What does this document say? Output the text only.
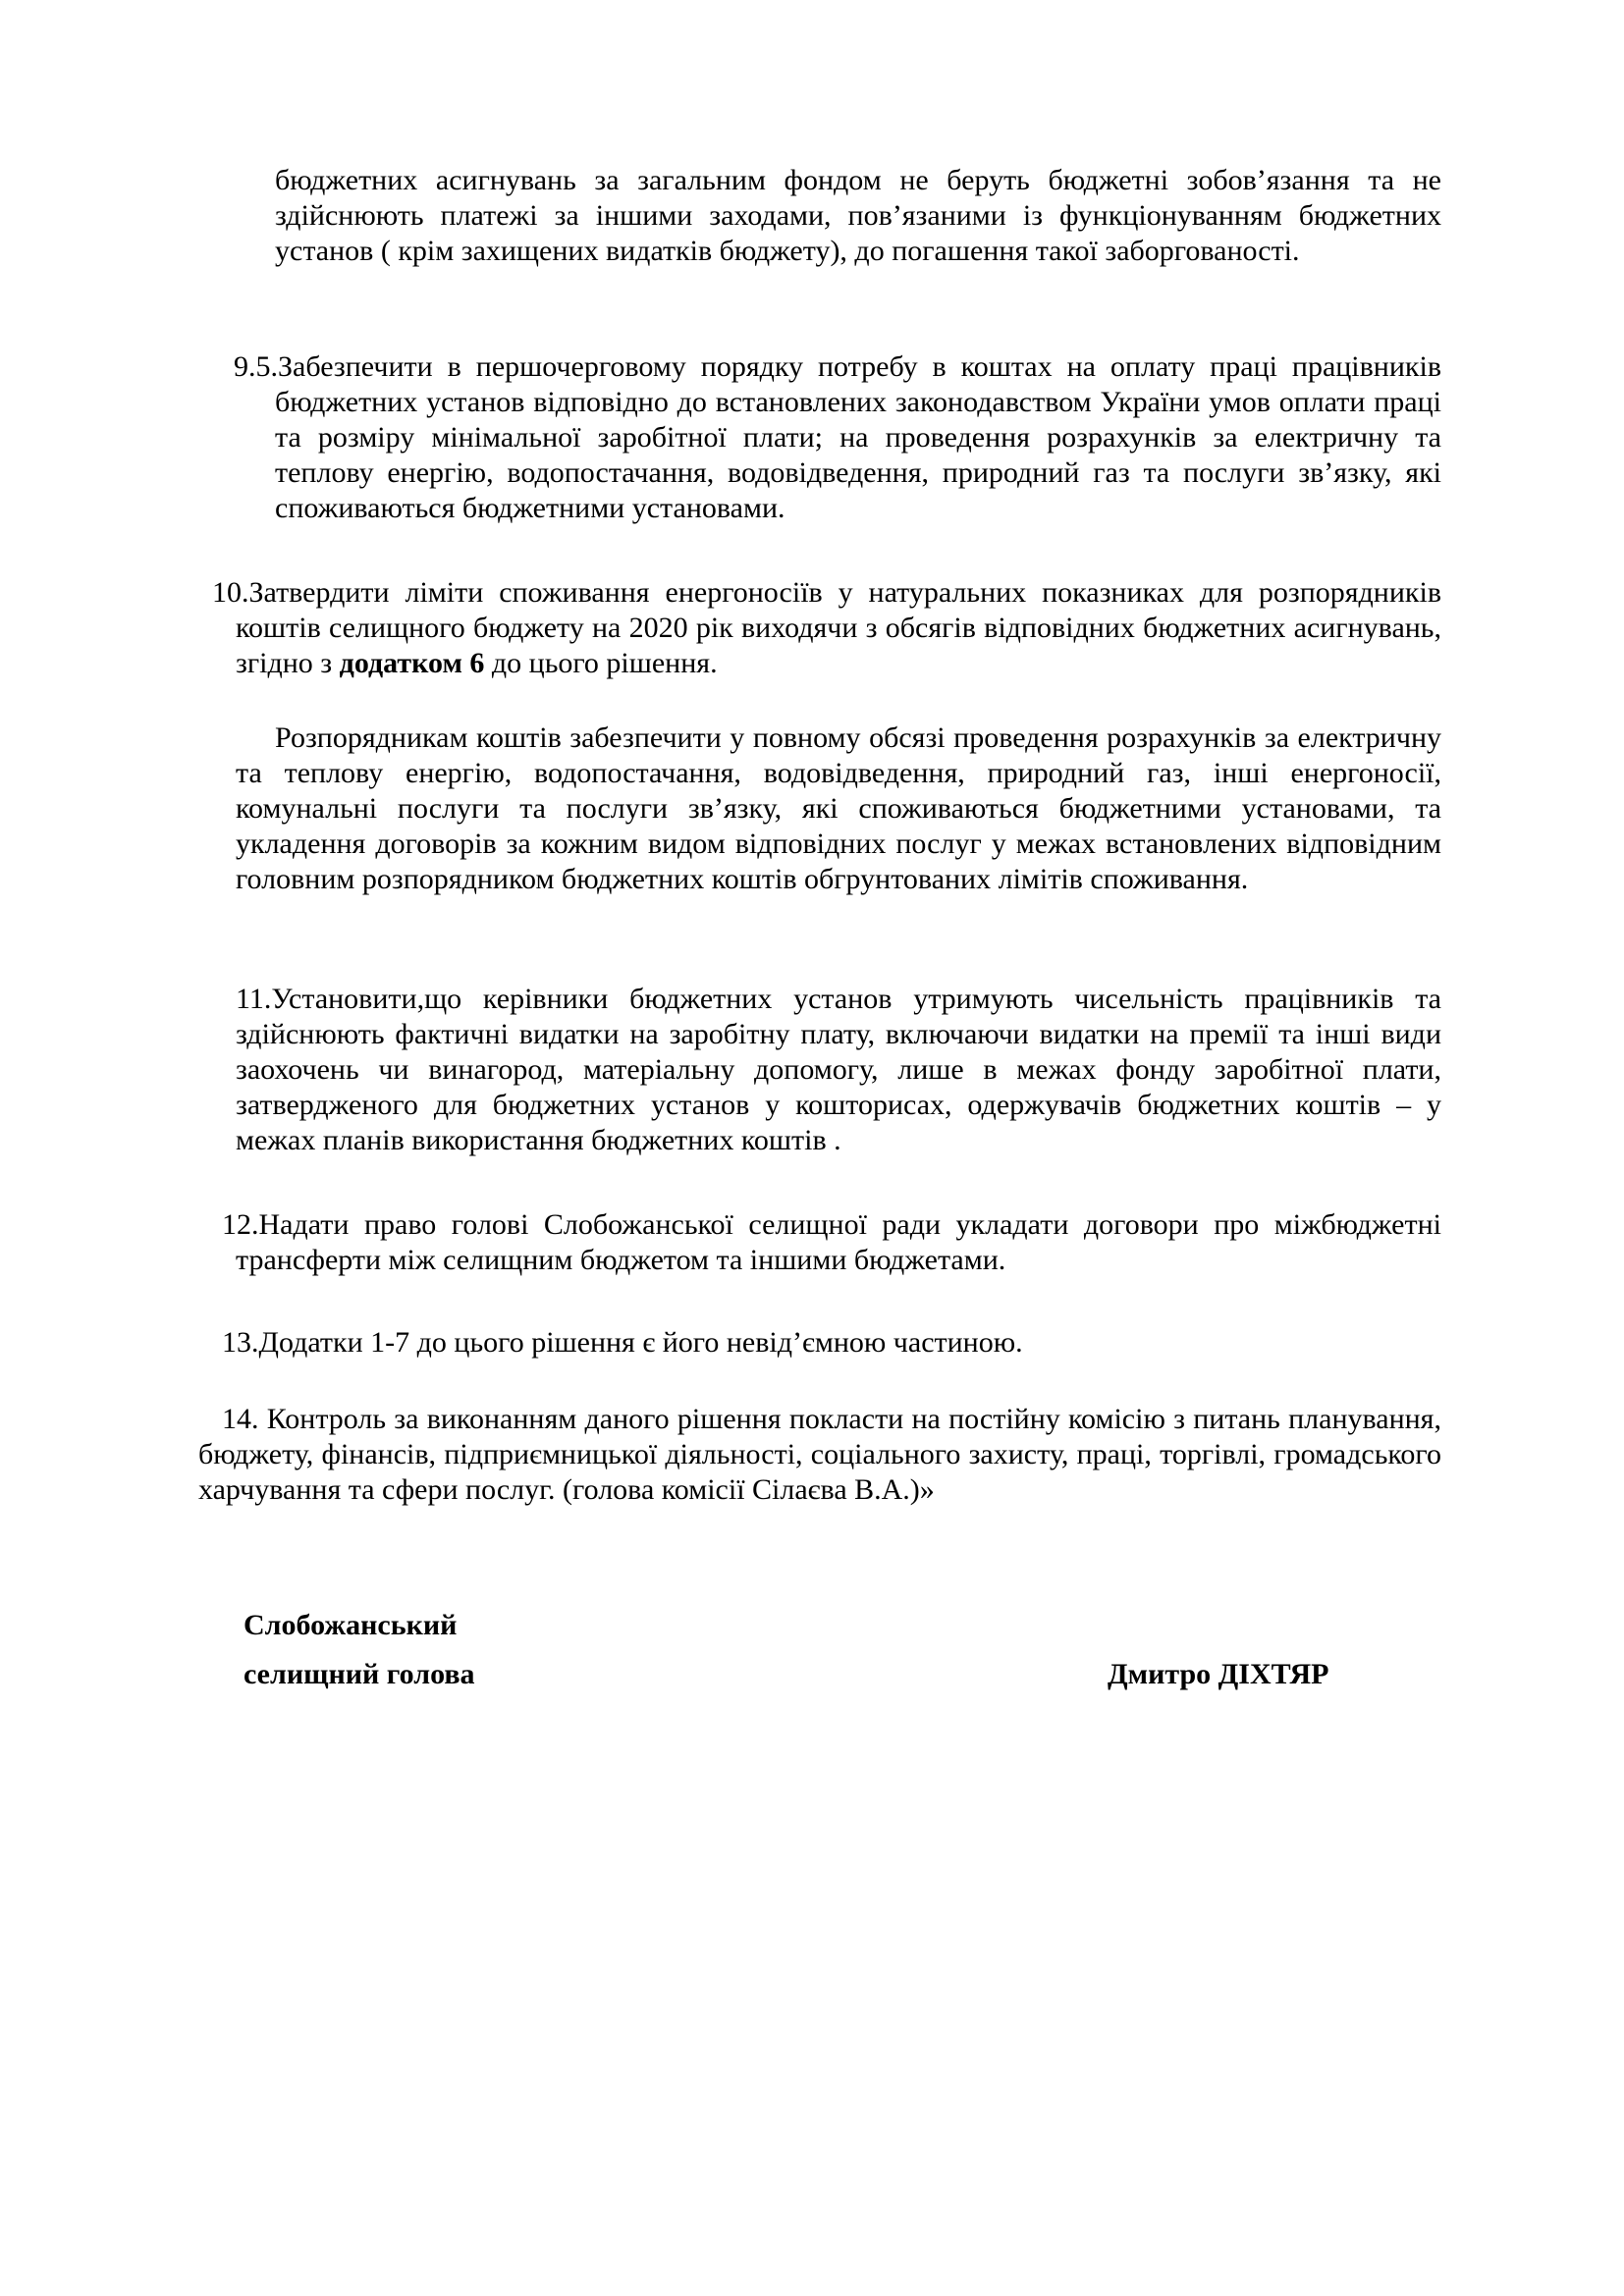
бюджетних асигнувань за загальним фондом не беруть бюджетні зобов’язання та не здійснюють платежі за іншими заходами, пов’язаними із функціонуванням бюджетних установ ( крім захищених видатків бюджету), до погашення такої заборгованості.

9.5.Забезпечити в першочерговому порядку потребу в коштах на оплату праці працівників бюджетних установ відповідно до встановлених законодавством України умов оплати праці та розміру мінімальної заробітної плати; на проведення розрахунків за електричну та теплову енергію, водопостачання, водовідведення, природний газ та послуги зв’язку, які споживаються бюджетними установами.

10.Затвердити ліміти споживання енергоносіїв у натуральних показниках для розпорядників коштів селищного бюджету на 2020 рік виходячи з обсягів відповідних бюджетних асигнувань, згідно з додатком 6 до цього рішення.

Розпорядникам коштів забезпечити у повному обсязі проведення розрахунків за електричну та теплову енергію, водопостачання, водовідведення, природний газ, інші енергоносії, комунальні послуги та послуги зв’язку, які споживаються бюджетними установами, та укладення договорів за кожним видом відповідних послуг у межах встановлених відповідним головним розпорядником бюджетних коштів обгрунтованих лімітів споживання.

11.Установити,що керівники бюджетних установ утримують чисельність працівників та здійснюють фактичні видатки на заробітну плату, включаючи видатки на премії та інші види заохочень чи винагород, матеріальну допомогу, лише в межах фонду заробітної плати, затвердженого для бюджетних установ у кошторисах, одержувачів бюджетних коштів – у межах планів використання бюджетних коштів .

12.Надати право голові Слобожанської селищної ради укладати договори про міжбюджетні трансферти між селищним бюджетом та іншими бюджетами.

13.Додатки 1-7 до цього рішення є його невід’ємною частиною.

14. Контроль за виконанням даного рішення покласти на постійну комісію з питань планування, бюджету, фінансів, підприємницької діяльності, соціального захисту, праці, торгівлі, громадського харчування та сфери послуг. (голова комісії Сілаєва В.А.)»

Слобожанський

селищний голова	Дмитро ДІХТЯР
